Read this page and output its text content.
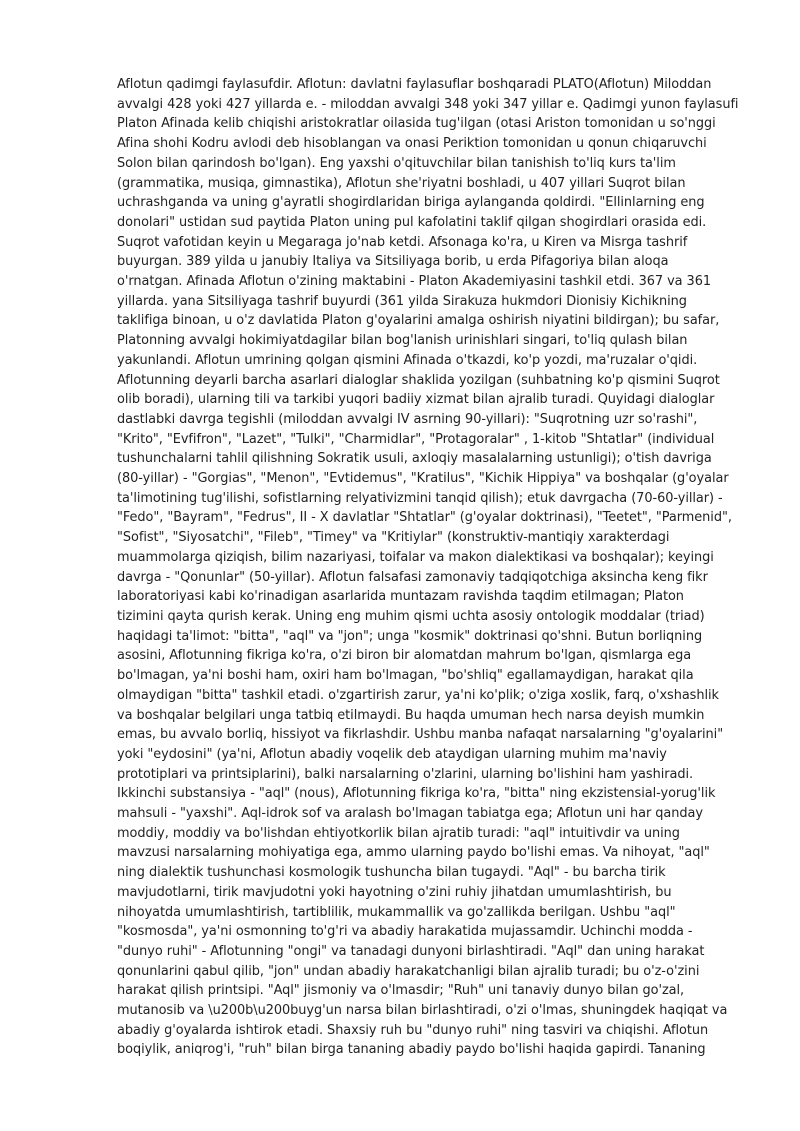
Aflotun qadimgi faylasufdir. Aflotun: davlatni faylasuflar boshqaradi PLATO(Aflotun) Miloddan
avvalgi 428 yoki 427 yillarda e. - miloddan avvalgi 348 yoki 347 yillar e. Qadimgi yunon faylasufi
Platon Afinada kelib chiqishi aristokratlar oilasida tug'ilgan (otasi Ariston tomonidan u so'nggi
Afina shohi Kodru avlodi deb hisoblangan va onasi Periktion tomonidan u qonun chiqaruvchi
Solon bilan qarindosh bo'lgan). Eng yaxshi o'qituvchilar bilan tanishish to'liq kurs ta'lim
(grammatika, musiqa, gimnastika), Aflotun she'riyatni boshladi, u 407 yillari Suqrot bilan
uchrashganda va uning g'ayratli shogirdlaridan biriga aylanganda qoldirdi. "Ellinlarning eng
donolari" ustidan sud paytida Platon uning pul kafolatini taklif qilgan shogirdlari orasida edi.
Suqrot vafotidan keyin u Megaraga jo'nab ketdi. Afsonaga ko'ra, u Kiren va Misrga tashrif
buyurgan. 389 yilda u janubiy Italiya va Sitsiliyaga borib, u erda Pifagoriya bilan aloqa
o'rnatgan. Afinada Aflotun o'zining maktabini - Platon Akademiyasini tashkil etdi. 367 va 361
yillarda. yana Sitsiliyaga tashrif buyurdi (361 yilda Sirakuza hukmdori Dionisiy Kichikning
taklifiga binoan, u o'z davlatida Platon g'oyalarini amalga oshirish niyatini bildirgan); bu safar,
Platonning avvalgi hokimiyatdagilar bilan bog'lanish urinishlari singari, to'liq qulash bilan
yakunlandi. Aflotun umrining qolgan qismini Afinada o'tkazdi, ko'p yozdi, ma'ruzalar o'qidi.
Aflotunning deyarli barcha asarlari dialoglar shaklida yozilgan (suhbatning ko'p qismini Suqrot
olib boradi), ularning tili va tarkibi yuqori badiiy xizmat bilan ajralib turadi. Quyidagi dialoglar
dastlabki davrga tegishli (miloddan avvalgi IV asrning 90-yillari): "Suqrotning uzr so'rashi",
"Krito", "Evfifron", "Lazet", "Tulki", "Charmidlar", "Protagoralar" , 1-kitob "Shtatlar" (individual
tushunchalarni tahlil qilishning Sokratik usuli, axloqiy masalalarning ustunligi); o'tish davriga
(80-yillar) - "Gorgias", "Menon", "Evtidemus", "Kratilus", "Kichik Hippiya" va boshqalar (g'oyalar
ta'limotining tug'ilishi, sofistlarning relyativizmini tanqid qilish); etuk davrgacha (70-60-yillar) -
"Fedo", "Bayram", "Fedrus", II - X davlatlar "Shtatlar" (g'oyalar doktrinasi), "Teetet", "Parmenid",
"Sofist", "Siyosatchi", "Fileb", "Timey" va "Kritiylar" (konstruktiv-mantiqiy xarakterdagi
muammolarga qiziqish, bilim nazariyasi, toifalar va makon dialektikasi va boshqalar); keyingi
davrga - "Qonunlar" (50-yillar). Aflotun falsafasi zamonaviy tadqiqotchiga aksincha keng fikr
laboratoriyasi kabi ko'rinadigan asarlarida muntazam ravishda taqdim etilmagan; Platon
tizimini qayta qurish kerak. Uning eng muhim qismi uchta asosiy ontologik moddalar (triad)
haqidagi ta'limot: "bitta", "aql" va "jon"; unga "kosmik" doktrinasi qo'shni. Butun borliqning
asosini, Aflotunning fikriga ko'ra, o'zi biron bir alomatdan mahrum bo'lgan, qismlarga ega
bo'lmagan, ya'ni boshi ham, oxiri ham bo'lmagan, "bo'shliq" egallamaydigan, harakat qila
olmaydigan "bitta" tashkil etadi. o'zgartirish zarur, ya'ni ko'plik; o'ziga xoslik, farq, o'xshashlik
va boshqalar belgilari unga tatbiq etilmaydi. Bu haqda umuman hech narsa deyish mumkin
emas, bu avvalo borliq, hissiyot va fikrlashdir. Ushbu manba nafaqat narsalarning "g'oyalarini"
yoki "eydosini" (ya'ni, Aflotun abadiy voqelik deb ataydigan ularning muhim ma'naviy
prototiplari va printsiplarini), balki narsalarning o'zlarini, ularning bo'lishini ham yashiradi.
Ikkinchi substansiya - "aql" (nous), Aflotunning fikriga ko'ra, "bitta" ning ekzistensial-yorug'lik
mahsuli - "yaxshi". Aql-idrok sof va aralash bo'lmagan tabiatga ega; Aflotun uni har qanday
moddiy, moddiy va bo'lishdan ehtiyotkorlik bilan ajratib turadi: "aql" intuitivdir va uning
mavzusi narsalarning mohiyatiga ega, ammo ularning paydo bo'lishi emas. Va nihoyat, "aql"
ning dialektik tushunchasi kosmologik tushuncha bilan tugaydi. "Aql" - bu barcha tirik
mavjudotlarni, tirik mavjudotni yoki hayotning o'zini ruhiy jihatdan umumlashtirish, bu
nihoyatda umumlashtirish, tartiblilik, mukammallik va go'zallikda berilgan. Ushbu "aql"
"kosmosda", ya'ni osmonning to'g'ri va abadiy harakatida mujassamdir. Uchinchi modda -
"dunyo ruhi" - Aflotunning "ongi" va tanadagi dunyoni birlashtiradi. "Aql" dan uning harakat
qonunlarini qabul qilib, "jon" undan abadiy harakatchanligi bilan ajralib turadi; bu o'z-o'zini
harakat qilish printsipi. "Aql" jismoniy va o'lmasdir; "Ruh" uni tanaviy dunyo bilan go'zal,
mutanosib va \u200b\u200buyg'un narsa bilan birlashtiradi, o'zi o'lmas, shuningdek haqiqat va
abadiy g'oyalarda ishtirok etadi. Shaxsiy ruh bu "dunyo ruhi" ning tasviri va chiqishi. Aflotun
boqiylik, aniqrog'i, "ruh" bilan birga tananing abadiy paydo bo'lishi haqida gapirdi. Tananing
